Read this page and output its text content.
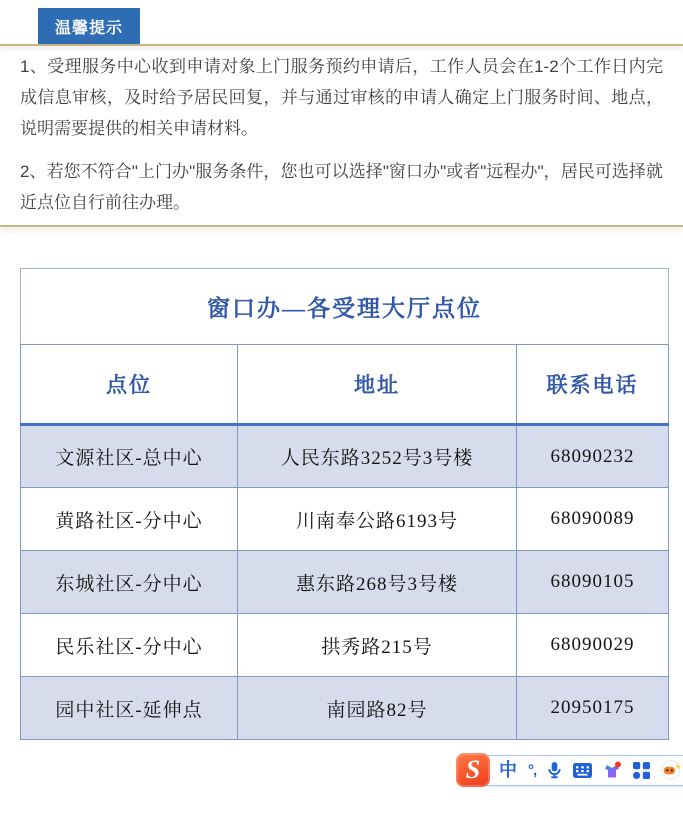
温馨提示

1、受理服务中心收到申请对象上门服务预约申请后，工作人员会在1-2个工作日内完成信息审核，及时给予居民回复，并与通过审核的申请人确定上门服务时间、地点，说明需要提供的相关申请材料。

2、若您不符合"上门办"服务条件，您也可以选择"窗口办"或者"远程办"，居民可选择就近点位自行前往办理。

窗口办—各受理大厅点位		
点位	地址	联系电话
文源社区-总中心	人民东路3252号3号楼	68090232
黄路社区-分中心	川南奉公路6193号	68090089
东城社区-分中心	惠东路268号3号楼	68090105
民乐社区-分中心	拱秀路215号	68090029
园中社区-延伸点	南园路82号	20950175
S	中 °,
